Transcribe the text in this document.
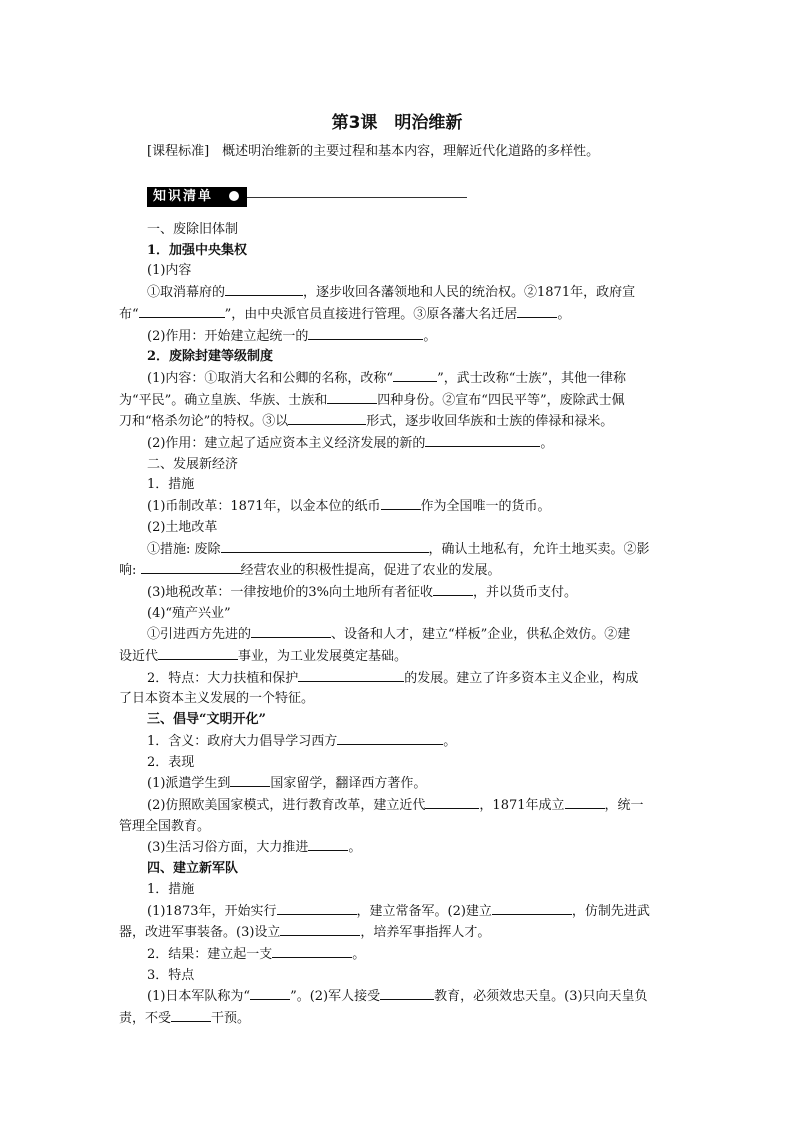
第3课　明治维新
[课程标准]　概述明治维新的主要过程和基本内容，理解近代化道路的多样性。
知识清单

一、废除旧体制

1．加强中央集权

(1)内容

①取消幕府的	，逐步收回各藩领地和人民的统治权。②1871年，政府宣

布“	”，由中央派官员直接进行管理。③原各藩大名迁居	。

(2)作用：开始建立起统一的	。

2．废除封建等级制度

(1)内容：①取消大名和公卿的名称，改称“	”，武士改称“士族”，其他一律称

为“平民”。确立皇族、华族、士族和	四种身份。②宣布“四民平等”，废除武士佩

刀和“格杀勿论”的特权。③以	形式，逐步收回华族和士族的俸禄和禄米。

(2)作用：建立起了适应资本主义经济发展的新的	。

二、发展新经济

1．措施

(1)币制改革：1871年，以金本位的纸币	作为全国唯一的货币。

(2)土地改革

①措施: 废除	，确认土地私有，允许土地买卖。②影

响:	经营农业的积极性提高，促进了农业的发展。

(3)地税改革：一律按地价的3%向土地所有者征收	，并以货币支付。

(4)“殖产兴业”

①引进西方先进的	、设备和人才，建立“样板”企业，供私企效仿。②建

设近代	事业，为工业发展奠定基础。

2．特点：大力扶植和保护	的发展。建立了许多资本主义企业，构成

了日本资本主义发展的一个特征。

三、倡导“文明开化”

1．含义：政府大力倡导学习西方	。

2．表现

(1)派遣学生到	国家留学，翻译西方著作。

(2)仿照欧美国家模式，进行教育改革，建立近代	，1871年成立	，统一

管理全国教育。

(3)生活习俗方面，大力推进	。

四、建立新军队

1．措施

(1)1873年，开始实行	，建立常备军。(2)建立	，仿制先进武

器，改进军事装备。(3)设立	，培养军事指挥人才。

2．结果：建立起一支	。

3．特点

(1)日本军队称为“	”。(2)军人接受	教育，必须效忠天皇。(3)只向天皇负

责，不受	干预。
